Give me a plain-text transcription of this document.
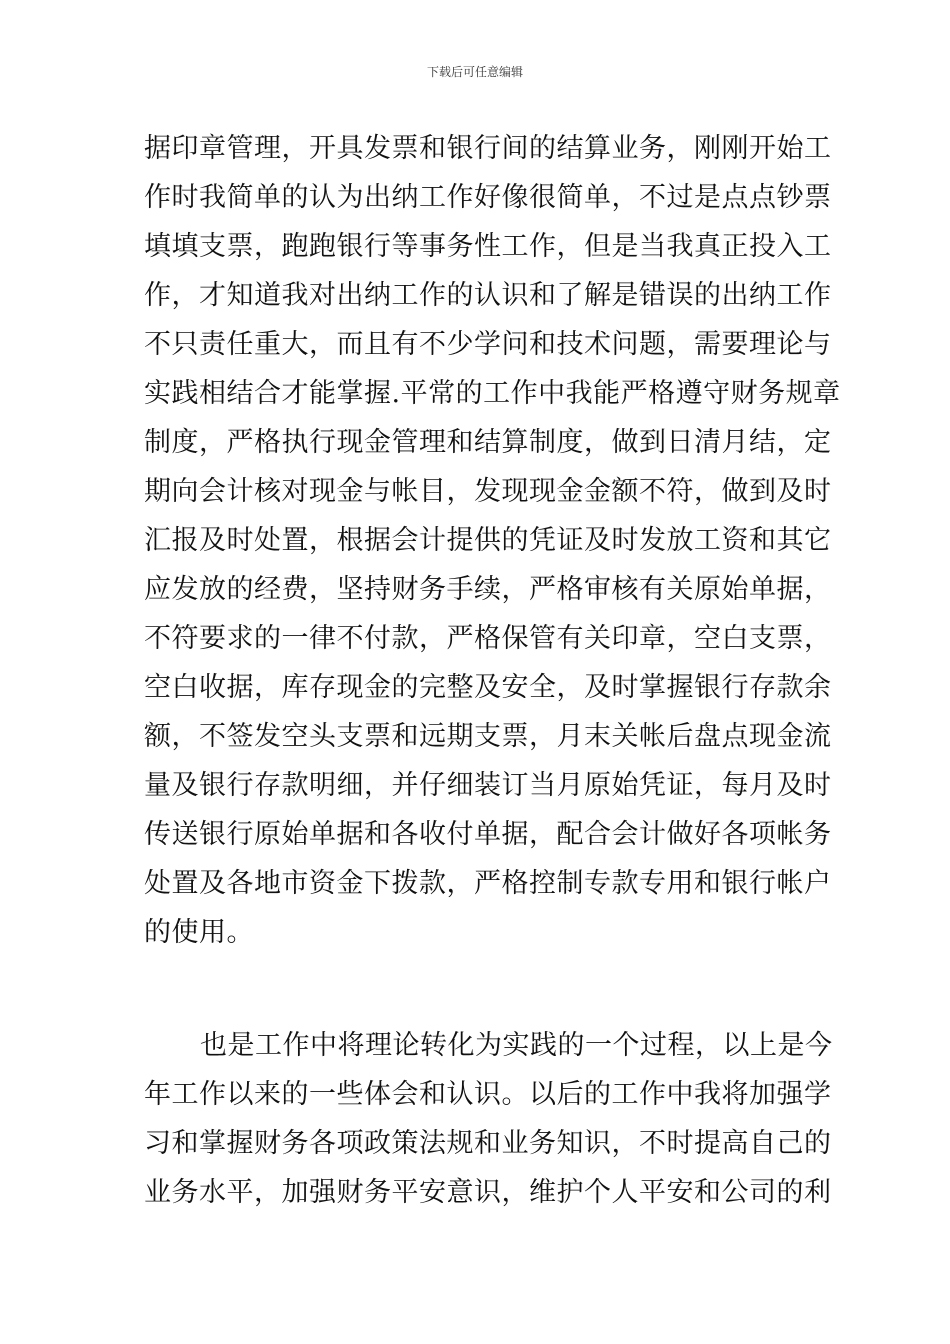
下载后可任意编辑
据印章管理，开具发票和银行间的结算业务，刚刚开始工
作时我简单的认为出纳工作好像很简单，不过是点点钞票
填填支票，跑跑银行等事务性工作，但是当我真正投入工
作，才知道我对出纳工作的认识和了解是错误的出纳工作
不只责任重大，而且有不少学问和技术问题，需要理论与
实践相结合才能掌握.平常的工作中我能严格遵守财务规章
制度，严格执行现金管理和结算制度，做到日清月结，定
期向会计核对现金与帐目，发现现金金额不符，做到及时
汇报及时处置，根据会计提供的凭证及时发放工资和其它
应发放的经费，坚持财务手续，严格审核有关原始单据，
不符要求的一律不付款，严格保管有关印章，空白支票，
空白收据，库存现金的完整及安全，及时掌握银行存款余
额，不签发空头支票和远期支票，月末关帐后盘点现金流
量及银行存款明细，并仔细装订当月原始凭证，每月及时
传送银行原始单据和各收付单据，配合会计做好各项帐务
处置及各地市资金下拨款，严格控制专款专用和银行帐户
的使用。
也是工作中将理论转化为实践的一个过程，以上是今
年工作以来的一些体会和认识。以后的工作中我将加强学
习和掌握财务各项政策法规和业务知识，不时提高自己的
业务水平，加强财务平安意识，维护个人平安和公司的利
